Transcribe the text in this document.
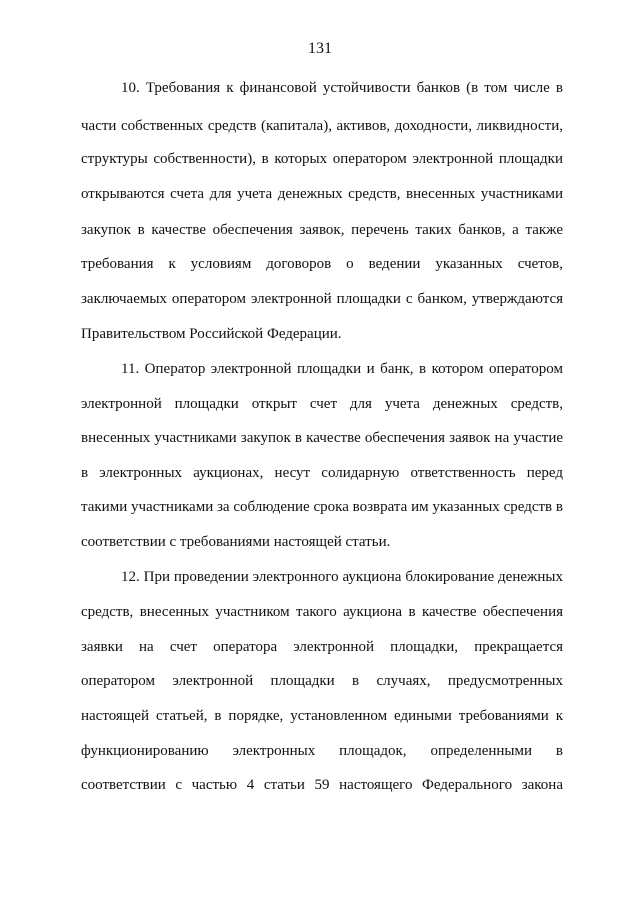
131
10. Требования к финансовой устойчивости банков (в том числе в
части собственных средств (капитала), активов, доходности, ликвидности,
структуры собственности), в которых оператором электронной площадки
открываются счета для учета денежных средств, внесенных участниками
закупок в качестве обеспечения заявок, перечень таких банков, а также
требования к условиям договоров о ведении указанных счетов,
заключаемых оператором электронной площадки с банком, утверждаются
Правительством Российской Федерации.
11. Оператор электронной площадки и банк, в котором оператором
электронной площадки открыт счет для учета денежных средств,
внесенных участниками закупок в качестве обеспечения заявок на участие
в электронных аукционах, несут солидарную ответственность перед
такими участниками за соблюдение срока возврата им указанных средств в
соответствии с требованиями настоящей статьи.
12. При проведении электронного аукциона блокирование денежных
средств, внесенных участником такого аукциона в качестве обеспечения
заявки на счет оператора электронной площадки, прекращается
оператором электронной площадки в случаях, предусмотренных
настоящей статьей, в порядке, установленном едиными требованиями к
функционированию электронных площадок, определенными в
соответствии с частью 4 статьи 59 настоящего Федерального закона
